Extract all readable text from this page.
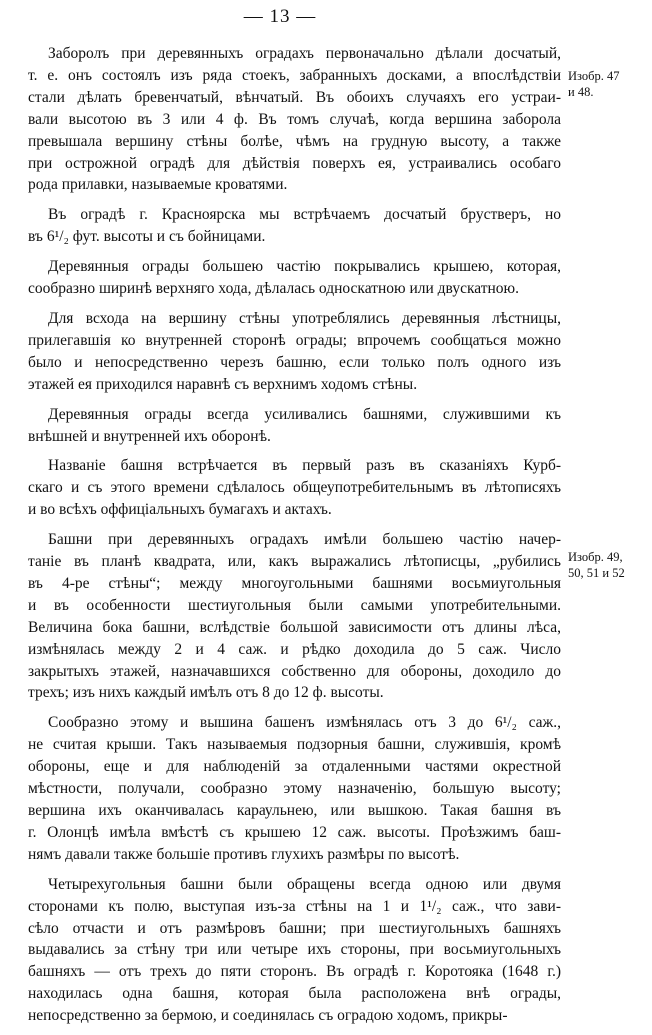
— 13 —
Изобр. 47
и 48.
Изобр. 49,
50, 51 и 52
Заборолъ при деревянныхъ оградахъ первоначально дѣлали досчатый,
т. е. онъ состоялъ изъ ряда стоекъ, забранныхъ досками, а впослѣдствіи
стали дѣлать бревенчатый, вѣнчатый. Въ обоихъ случаяхъ его устраи-
вали высотою въ 3 или 4 ф. Въ томъ случаѣ, когда вершина заборола
превышала вершину стѣны болѣе, чѣмъ на грудную высоту, а также
при острожной оградѣ для дѣйствія поверхъ ея, устраивались особаго
рода прилавки, называемые кроватями.
Въ оградѣ г. Красноярска мы встрѣчаемъ досчатый брустверъ, но
въ 6¹/₂ фут. высоты и съ бойницами.
Деревянныя ограды большею частію покрывались крышею, которая,
сообразно ширинѣ верхняго хода, дѣлалась односкатною или двускатною.
Для всхода на вершину стѣны употреблялись деревянныя лѣстницы,
прилегавшія ко внутренней сторонѣ ограды; впрочемъ сообщаться можно
было и непосредственно черезъ башню, если только полъ одного изъ
этажей ея приходился наравнѣ съ верхнимъ ходомъ стѣны.
Деревянныя ограды всегда усиливались башнями, служившими къ
внѣшней и внутренней ихъ оборонѣ.
Названіе башня встрѣчается въ первый разъ въ сказаніяхъ Курб-
скаго и съ этого времени сдѣлалось общеупотребительнымъ въ лѣтописяхъ
и во всѣхъ оффиціальныхъ бумагахъ и актахъ.
Башни при деревянныхъ оградахъ имѣли большею частію начер-
таніе въ планѣ квадрата, или, какъ выражались лѣтописцы, „рубились
въ 4-ре стѣны“; между многоугольными башнями восьмиугольныя
и въ особенности шестиугольныя были самыми употребительными.
Величина бока башни, вслѣдствіе большой зависимости отъ длины лѣса,
измѣнялась между 2 и 4 саж. и рѣдко доходила до 5 саж. Число
закрытыхъ этажей, назначавшихся собственно для обороны, доходило до
трехъ; изъ нихъ каждый имѣлъ отъ 8 до 12 ф. высоты.
Сообразно этому и вышина башенъ измѣнялась отъ 3 до 6¹/₂ саж.,
не считая крыши. Такъ называемыя подзорныя башни, служившія, кромѣ
обороны, еще и для наблюденій за отдаленными частями окрестной
мѣстности, получали, сообразно этому назначенію, большую высоту;
вершина ихъ оканчивалась караульнею, или вышкою. Такая башня въ
г. Олонцѣ имѣла вмѣстѣ съ крышею 12 саж. высоты. Проѣзжимъ баш-
нямъ давали также большіе противъ глухихъ размѣры по высотѣ.
Четырехугольныя башни были обращены всегда одною или двумя
сторонами къ полю, выступая изъ-за стѣны на 1 и 1¹/₂ саж., что зави-
сѣло отчасти и отъ размѣровъ башни; при шестиугольныхъ башняхъ
выдавались за стѣну три или четыре ихъ стороны, при восьмиугольныхъ
башняхъ — отъ трехъ до пяти сторонъ. Въ оградѣ г. Коротояка (1648 г.)
находилась одна башня, которая была расположена внѣ ограды,
непосредственно за бермою, и соединялась съ оградою ходомъ, прикры-
